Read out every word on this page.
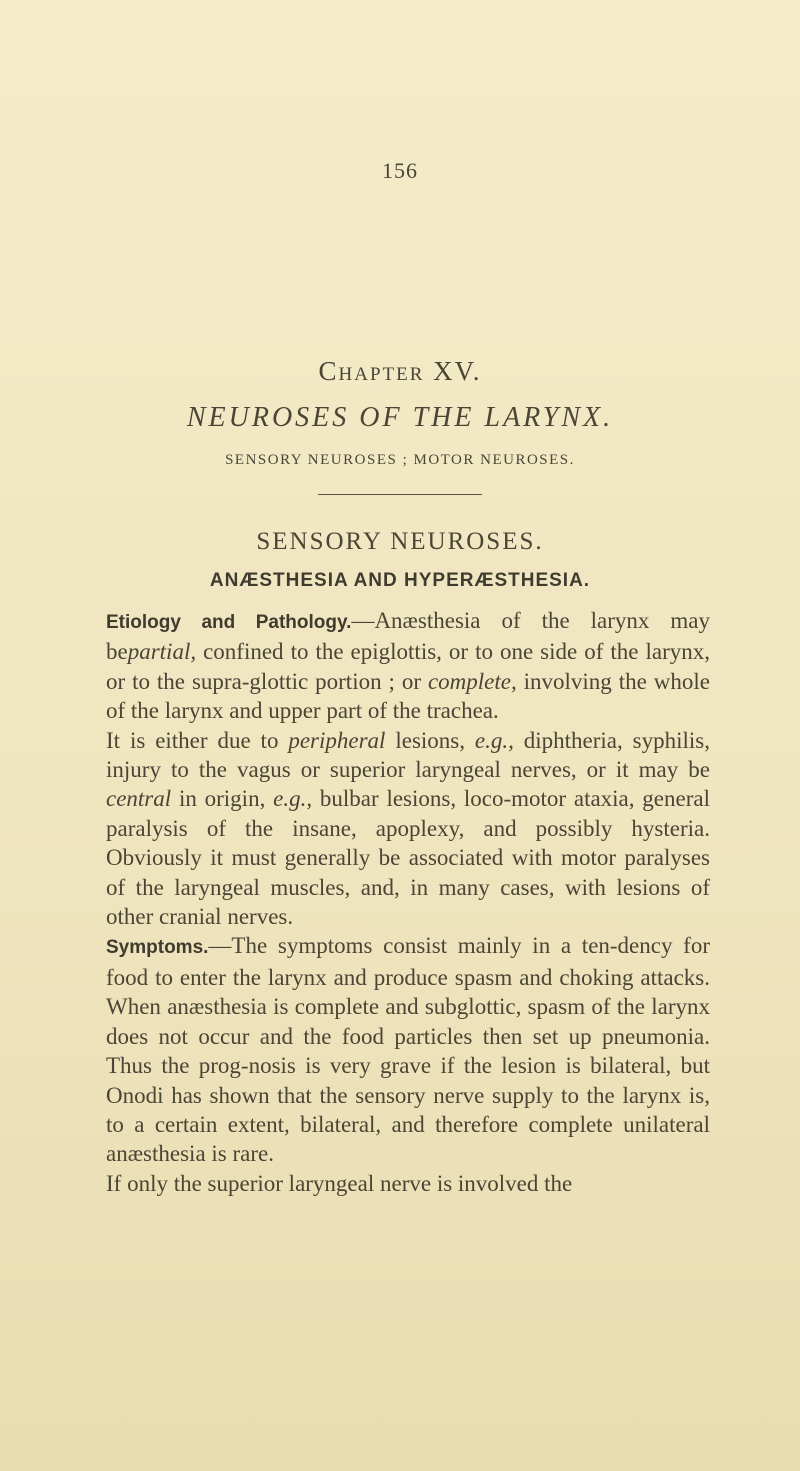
156
Chapter XV.
NEUROSES OF THE LARYNX.
SENSORY NEUROSES ; MOTOR NEUROSES.
SENSORY NEUROSES.
ANÆSTHESIA AND HYPERÆSTHESIA.

Etiology and Pathology.—Anæsthesia of the larynx may bepartial, confined to the epiglottis, or to one side of the larynx, or to the supra-glottic portion ; or complete, involving the whole of the larynx and upper part of the trachea.

It is either due to peripheral lesions, e.g., diphtheria, syphilis, injury to the vagus or superior laryngeal nerves, or it may be central in origin, e.g., bulbar lesions, loco-motor ataxia, general paralysis of the insane, apoplexy, and possibly hysteria. Obviously it must generally be associated with motor paralyses of the laryngeal muscles, and, in many cases, with lesions of other cranial nerves.

Symptoms.—The symptoms consist mainly in a ten-dency for food to enter the larynx and produce spasm and choking attacks. When anæsthesia is complete and subglottic, spasm of the larynx does not occur and the food particles then set up pneumonia. Thus the prog-nosis is very grave if the lesion is bilateral, but Onodi has shown that the sensory nerve supply to the larynx is, to a certain extent, bilateral, and therefore complete unilateral anæsthesia is rare.

If only the superior laryngeal nerve is involved the
